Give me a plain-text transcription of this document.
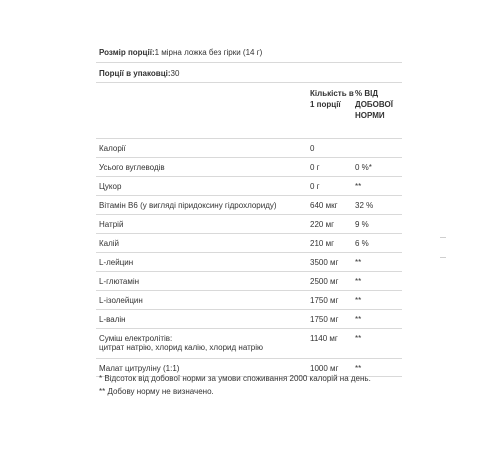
Розмір порції: 1 мірна ложка без гірки (14 г)
Порції в упаковці: 30
Кількість в 1 порції
% ВІД ДОБОВОЇ НОРМИ
Калорії	0
Усього вуглеводів	0 г	0 %*
Цукор	0 г	**
Вітамін B6 (у вигляді піридоксину гідрохлориду)	640 мкг	32 %
Натрій	220 мг	9 %
Калій	210 мг	6 %
L-лейцин	3500 мг	**
L-глютамін	2500 мг	**
L-ізолейцин	1750 мг	**
L-валін	1750 мг	**
Суміш електролітів:
цитрат натрію, хлорид калію, хлорид натрію
1140 мг	**
Малат цитруліну (1:1)	1000 мг	**
* Відсоток від добової норми за умови споживання 2000 калорій на день.
** Добову норму не визначено.
